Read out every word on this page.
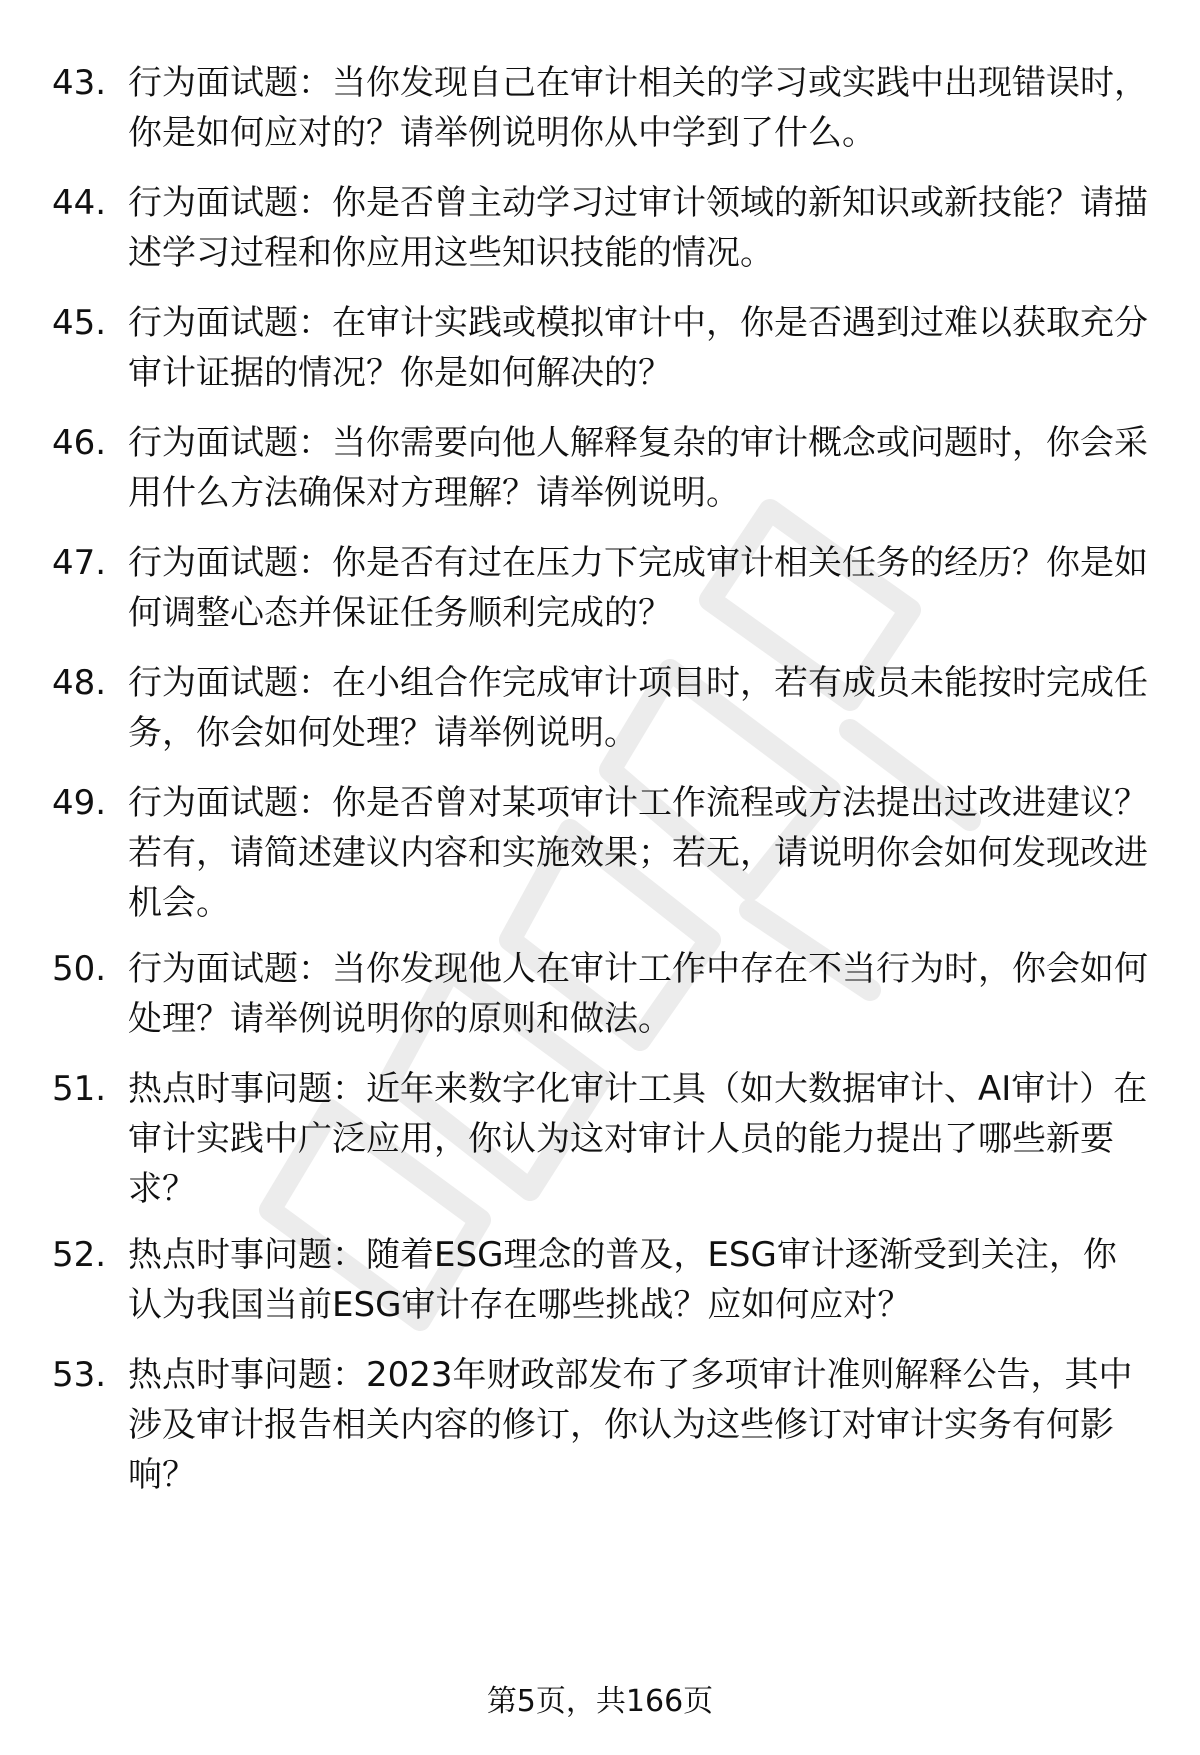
43. 行为面试题：当你发现自己在审计相关的学习或实践中出现错误时，你是如何应对的？请举例说明你从中学到了什么。
44. 行为面试题：你是否曾主动学习过审计领域的新知识或新技能？请描述学习过程和你应用这些知识技能的情况。
45. 行为面试题：在审计实践或模拟审计中，你是否遇到过难以获取充分审计证据的情况？你是如何解决的？
46. 行为面试题：当你需要向他人解释复杂的审计概念或问题时，你会采用什么方法确保对方理解？请举例说明。
47. 行为面试题：你是否有过在压力下完成审计相关任务的经历？你是如何调整心态并保证任务顺利完成的？
48. 行为面试题：在小组合作完成审计项目时，若有成员未能按时完成任务，你会如何处理？请举例说明。
49. 行为面试题：你是否曾对某项审计工作流程或方法提出过改进建议？若有，请简述建议内容和实施效果；若无，请说明你会如何发现改进机会。
50. 行为面试题：当你发现他人在审计工作中存在不当行为时，你会如何处理？请举例说明你的原则和做法。
51. 热点时事问题：近年来数字化审计工具（如大数据审计、AI审计）在审计实践中广泛应用，你认为这对审计人员的能力提出了哪些新要求？
52. 热点时事问题：随着ESG理念的普及，ESG审计逐渐受到关注，你认为我国当前ESG审计存在哪些挑战？应如何应对？
53. 热点时事问题：2023年财政部发布了多项审计准则解释公告，其中涉及审计报告相关内容的修订，你认为这些修订对审计实务有何影响？
第5页，共166页
